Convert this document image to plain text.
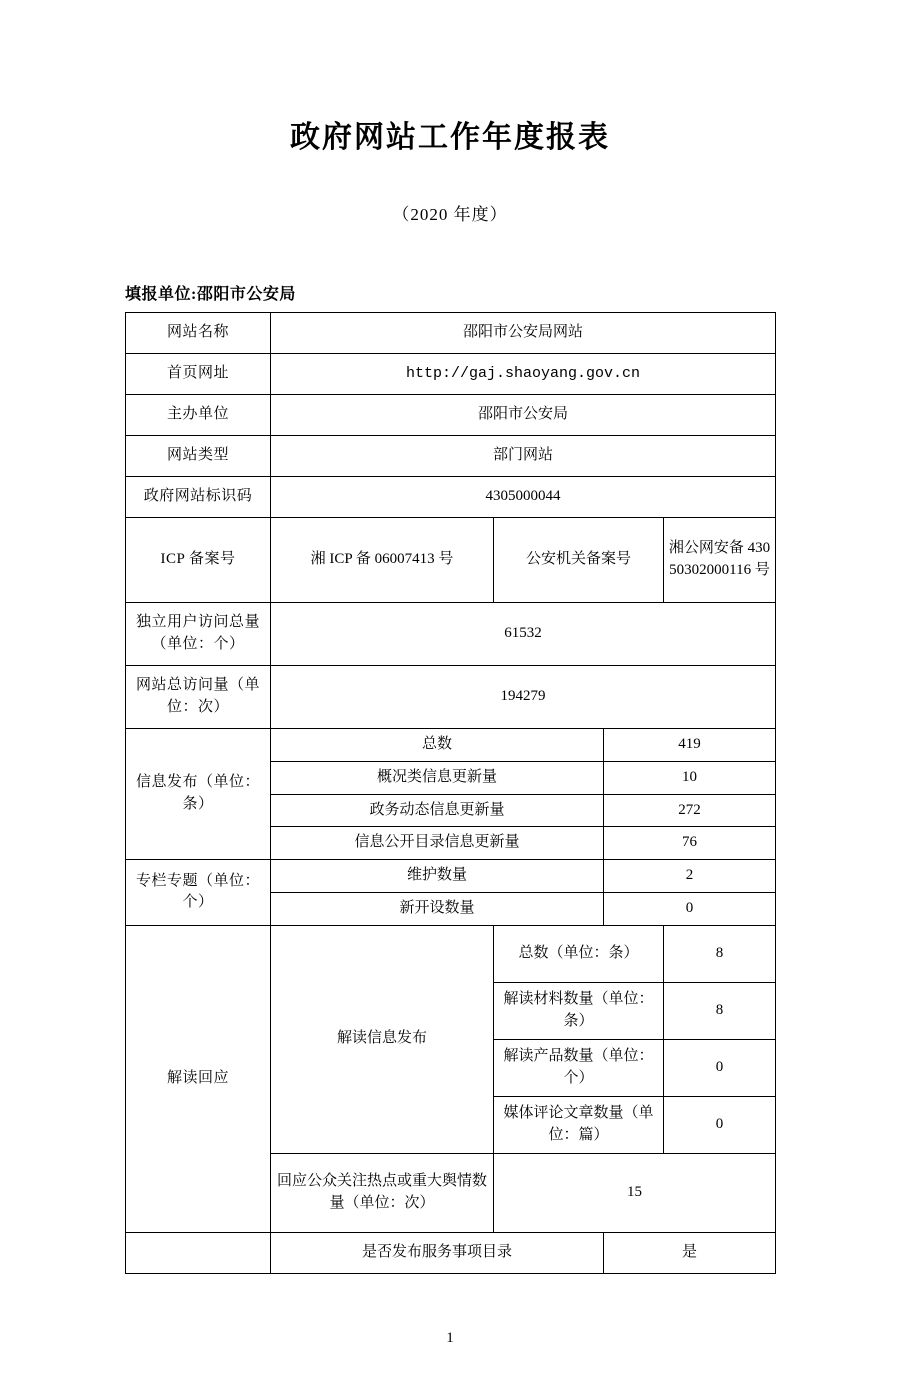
政府网站工作年度报表
（2020 年度）
填报单位:邵阳市公安局
网站名称	邵阳市公安局网站			
首页网址	http://gaj.shaoyang.gov.cn			
主办单位	邵阳市公安局			
网站类型	部门网站			
政府网站标识码	4305000044			
ICP 备案号	湘 ICP 备 06007413 号	公安机关备案号		湘公网安备 43050302000116 号
独立用户访问总量（单位：个）	61532			
网站总访问量（单位：次）	194279			
信息发布（单位：条）	总数		419	
	概况类信息更新量		10	
	政务动态信息更新量		272	
	信息公开目录信息更新量		76	
专栏专题（单位：个）	维护数量		2	
	新开设数量		0	
解读回应	解读信息发布	总数（单位：条）		8
		解读材料数量（单位：条）		8
		解读产品数量（单位：个）		0
		媒体评论文章数量（单位：篇）		0
	回应公众关注热点或重大舆情数量（单位：次）	15		
	是否发布服务事项目录		是	
1
